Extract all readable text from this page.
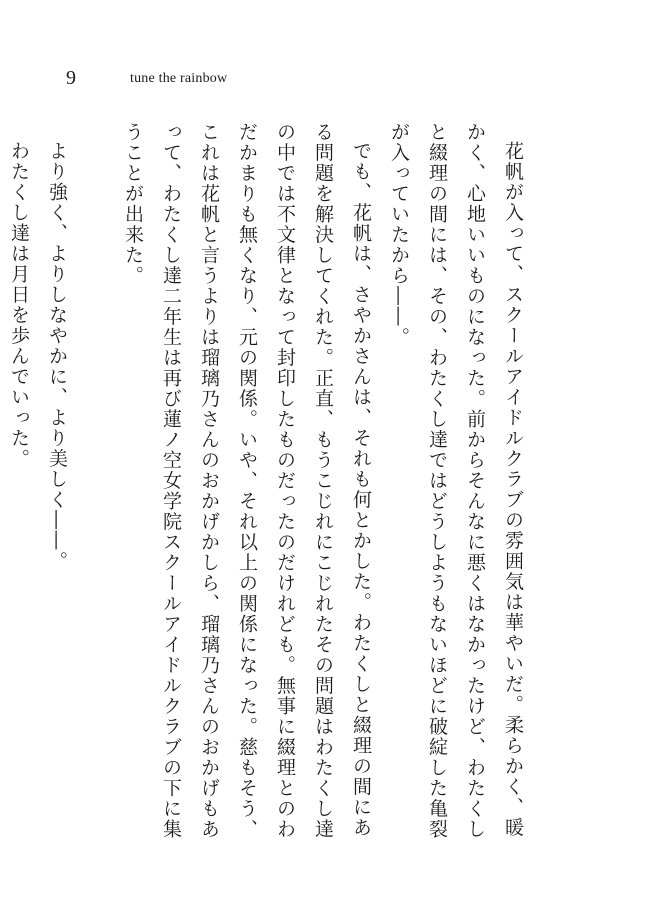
9	tune the rainbow

花帆が入って、スクールアイドルクラブの雰囲気は華やいだ。柔らかく、暖かく、心地いいものになった。前からそんなに悪くはなかったけど、わたくしと綴理の間には、その、わたくし達ではどうしようもないほどに破綻した亀裂が入っていたから――。

でも、花帆は、さやかさんは、それも何とかした。わたくしと綴理の間にある問題を解決してくれた。正直、もうこじれにこじれたその問題はわたくし達の中では不文律となって封印したものだったのだけれども。無事に綴理とのわだかまりも無くなり、元の関係。いや、それ以上の関係になった。慈もそう、これは花帆と言うよりは瑠璃乃さんのおかげかしら、瑠璃乃さんのおかげもあって、わたくし達二年生は再び蓮ノ空女学院スクールアイドルクラブの下に集うことが出来た。

より強く、よりしなやかに、より美しく――。

わたくし達は月日を歩んでいった。
